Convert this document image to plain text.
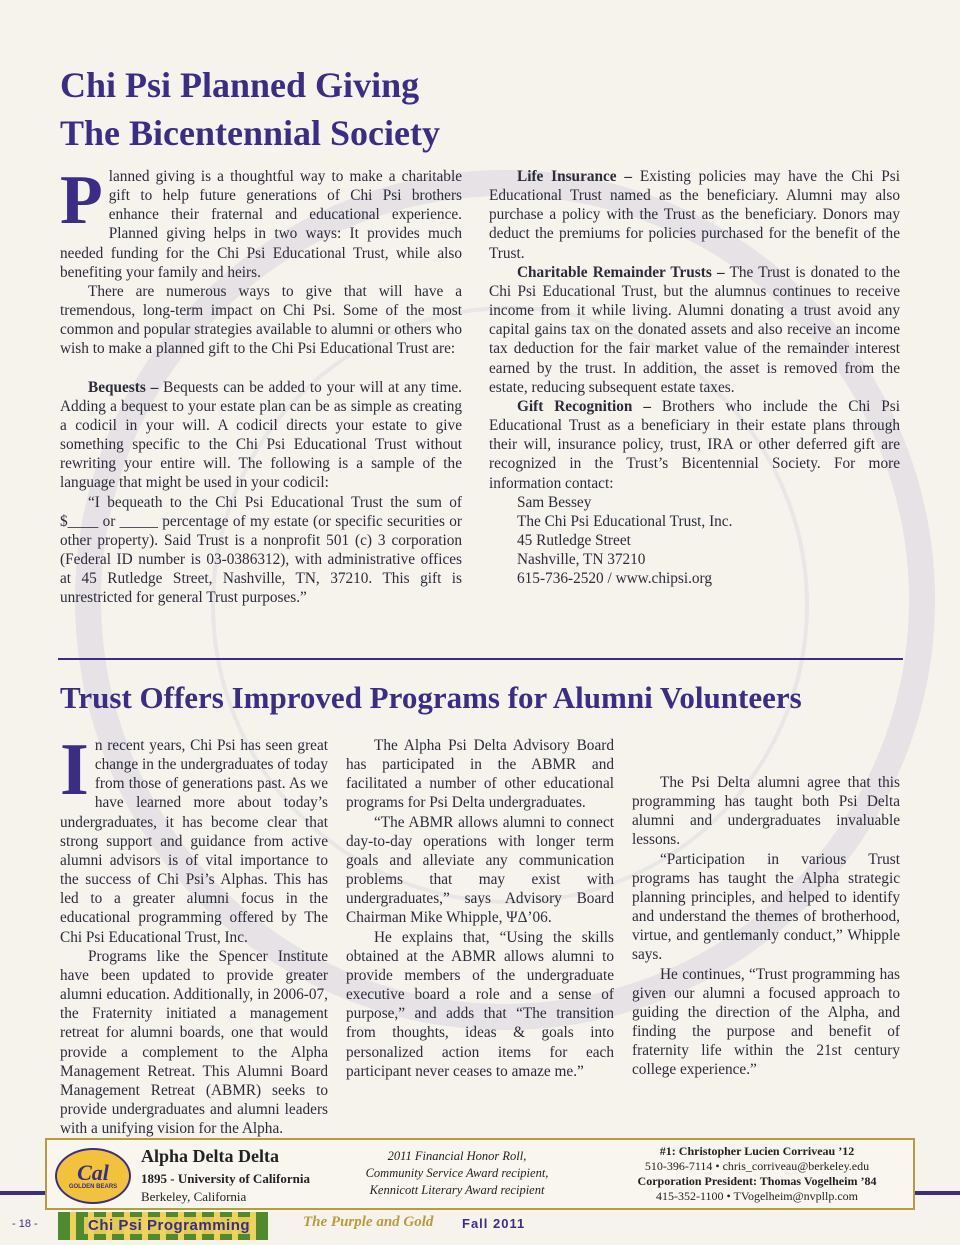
Chi Psi Planned Giving
The Bicentennial Society

Planned giving is a thoughtful way to make a charitable gift to help future generations of Chi Psi brothers enhance their fraternal and educational experience. Planned giving helps in two ways: It provides much needed funding for the Chi Psi Educational Trust, while also benefiting your family and heirs.

There are numerous ways to give that will have a tremendous, long-term impact on Chi Psi. Some of the most common and popular strategies available to alumni or others who wish to make a planned gift to the Chi Psi Educational Trust are:

Bequests – Bequests can be added to your will at any time. Adding a bequest to your estate plan can be as simple as creating a codicil in your will. A codicil directs your estate to give something specific to the Chi Psi Educational Trust without rewriting your entire will. The following is a sample of the language that might be used in your codicil:

“I bequeath to the Chi Psi Educational Trust the sum of $____ or _____ percentage of my estate (or specific securities or other property). Said Trust is a nonprofit 501 (c) 3 corporation (Federal ID number is 03-0386312), with administrative offices at 45 Rutledge Street, Nashville, TN, 37210. This gift is unrestricted for general Trust purposes.”

Life Insurance – Existing policies may have the Chi Psi Educational Trust named as the beneficiary. Alumni may also purchase a policy with the Trust as the beneficiary. Donors may deduct the premiums for policies purchased for the benefit of the Trust.

Charitable Remainder Trusts – The Trust is donated to the Chi Psi Educational Trust, but the alumnus continues to receive income from it while living. Alumni donating a trust avoid any capital gains tax on the donated assets and also receive an income tax deduction for the fair market value of the remainder interest earned by the trust. In addition, the asset is removed from the estate, reducing subsequent estate taxes.

Gift Recognition – Brothers who include the Chi Psi Educational Trust as a beneficiary in their estate plans through their will, insurance policy, trust, IRA or other deferred gift are recognized in the Trust’s Bicentennial Society. For more information contact:

Sam Bessey
The Chi Psi Educational Trust, Inc.
45 Rutledge Street
Nashville, TN 37210
615-736-2520 / www.chipsi.org
Trust Offers Improved Programs for Alumni Volunteers

In recent years, Chi Psi has seen great change in the undergraduates of today from those of generations past. As we have learned more about today’s undergraduates, it has become clear that strong support and guidance from active alumni advisors is of vital importance to the success of Chi Psi’s Alphas. This has led to a greater alumni focus in the educational programming offered by The Chi Psi Educational Trust, Inc.

Programs like the Spencer Institute have been updated to provide greater alumni education. Additionally, in 2006-07, the Fraternity initiated a management retreat for alumni boards, one that would provide a complement to the Alpha Management Retreat. This Alumni Board Management Retreat (ABMR) seeks to provide undergraduates and alumni leaders with a unifying vision for the Alpha.

The Alpha Psi Delta Advisory Board has participated in the ABMR and facilitated a number of other educational programs for Psi Delta undergraduates.

“The ABMR allows alumni to connect day-to-day operations with longer term goals and alleviate any communication problems that may exist with undergraduates,” says Advisory Board Chairman Mike Whipple, ΨΔ’06.

He explains that, “Using the skills obtained at the ABMR allows alumni to provide members of the undergraduate executive board a role and a sense of purpose,” and adds that “The transition from thoughts, ideas & goals into personalized action items for each participant never ceases to amaze me.”

The Psi Delta alumni agree that this programming has taught both Psi Delta alumni and undergraduates invaluable lessons.

“Participation in various Trust programs has taught the Alpha strategic planning principles, and helped to identify and understand the themes of brotherhood, virtue, and gentlemanly conduct,” Whipple says.

He continues, “Trust programming has given our alumni a focused approach to guiding the direction of the Alpha, and finding the purpose and benefit of fraternity life within the 21st century college experience.”

Cal
GOLDEN BEARS
Alpha Delta Delta
1895 - University of California
Berkeley, California
2011 Financial Honor Roll,
Community Service Award recipient,
Kennicott Literary Award recipient
#1: Christopher Lucien Corriveau ’12
510-396-7114 • chris_corriveau@berkeley.edu
Corporation President: Thomas Vogelheim ’84
415-352-1100 • TVogelheim@nvpllp.com
- 18 -	Chi Psi Programming	The Purple and Gold Fall 2011
